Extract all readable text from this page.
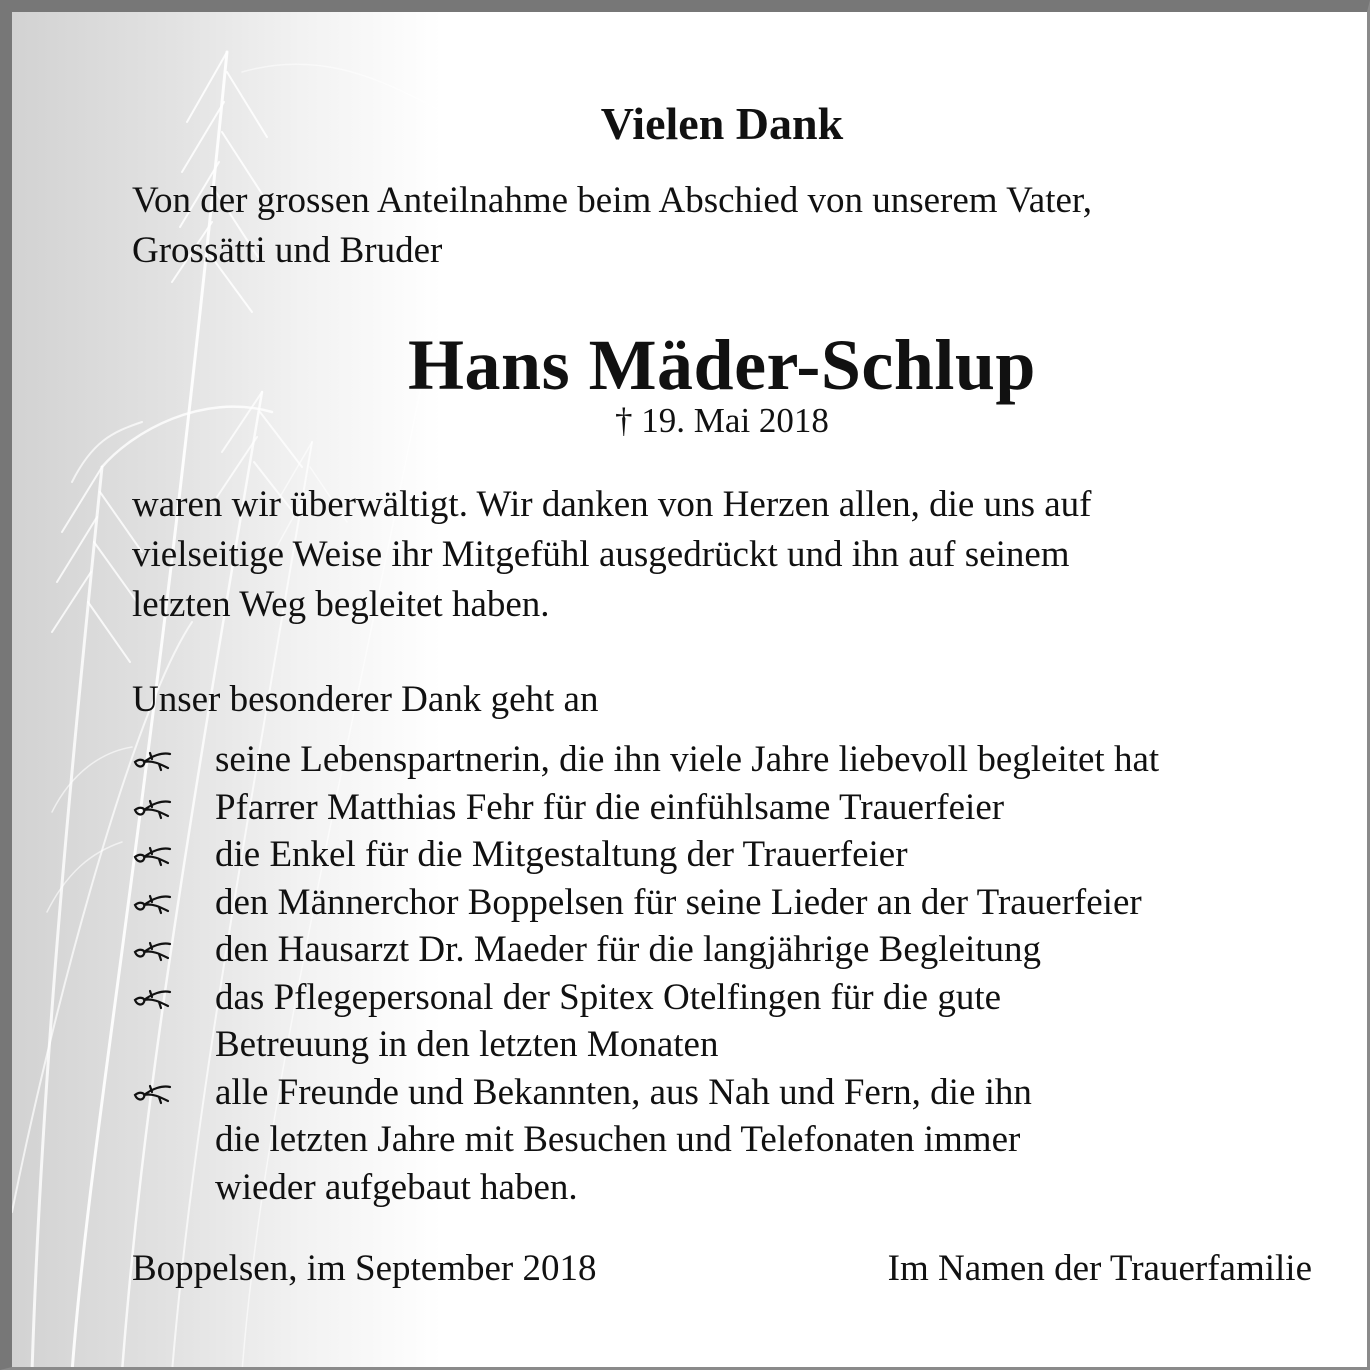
Vielen Dank
Von der grossen Anteilnahme beim Abschied von unserem Vater,
Grossätti und Bruder
Hans Mäder-Schlup
† 19. Mai 2018
waren wir überwältigt. Wir danken von Herzen allen, die uns auf
vielseitige Weise ihr Mitgefühl ausgedrückt und ihn auf seinem
letzten Weg begleitet haben.
Unser besonderer Dank geht an
seine Lebenspartnerin, die ihn viele Jahre liebevoll begleitet hat
Pfarrer Matthias Fehr für die einfühlsame Trauerfeier
die Enkel für die Mitgestaltung der Trauerfeier
den Männerchor Boppelsen für seine Lieder an der Trauerfeier
den Hausarzt Dr. Maeder für die langjährige Begleitung
das Pflegepersonal der Spitex Otelfingen für die gute
Betreuung in den letzten Monaten
alle Freunde und Bekannten, aus Nah und Fern, die ihn
die letzten Jahre mit Besuchen und Telefonaten immer
wieder aufgebaut haben.
Boppelsen, im September 2018	Im Namen der Trauerfamilie
